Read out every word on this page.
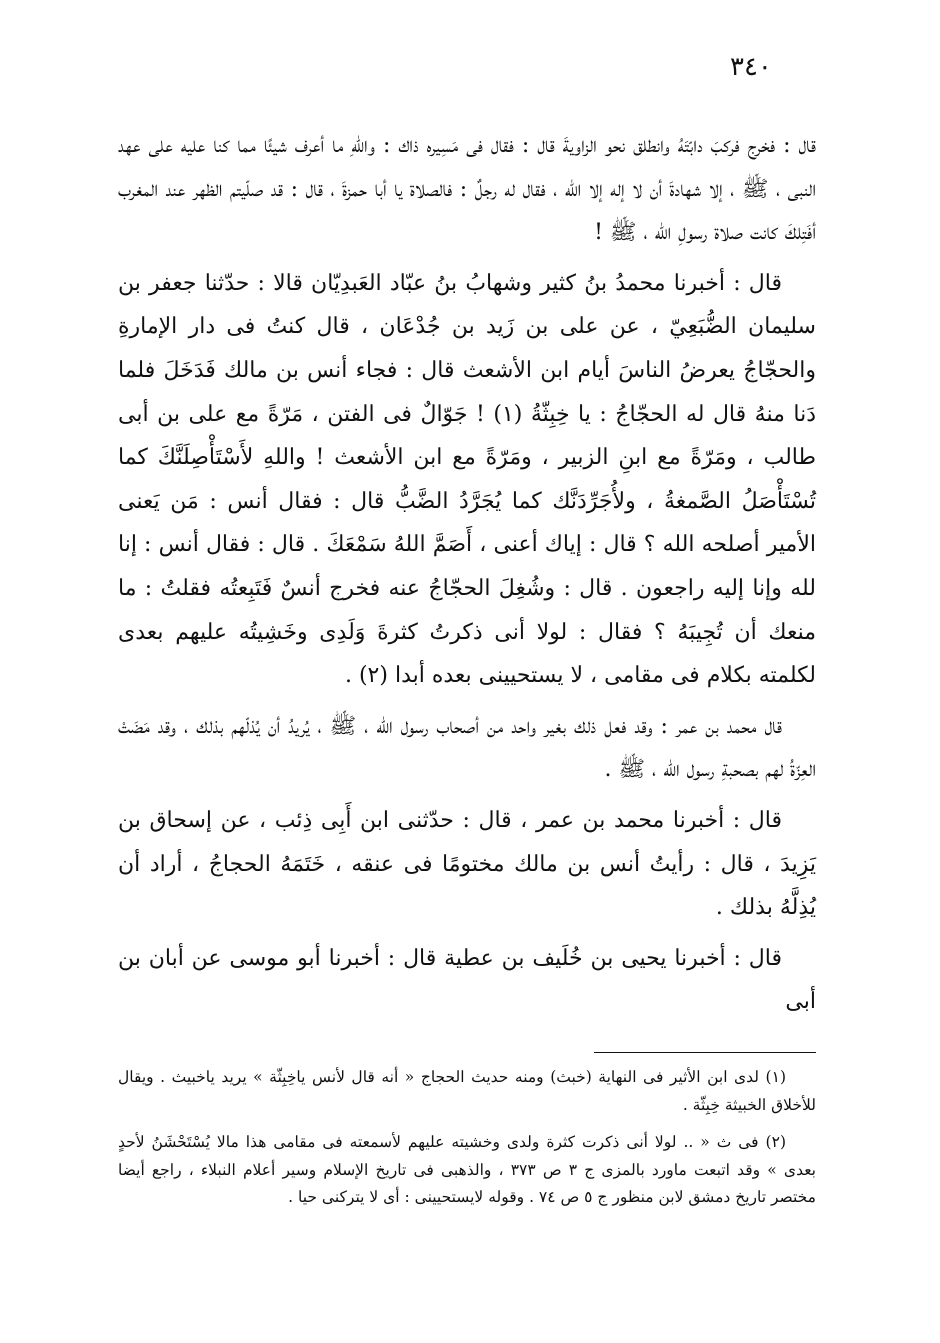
٣٤٠

قال : فخرج فركبَ دابّتَهُ وانطلق نحو الزاويةَ قال : فقال فى مَسِيره ذاك : واللهِ ما أعرف شيئًا مما كنا عليه على عهد النبى ، ﷺ ، إلا شهادةَ أن لا إله إلا الله ، فقال له رجلٌ : فالصلاة يا أبا حمزةَ ، قال : قد صلّيتم الظهر عند المغرب أفَتِلكَ كانت صلاة رسولِ الله ، ﷺ !

قال : أخبرنا محمدُ بنُ كثير وشهابُ بنُ عبّاد العَبدِيّان قالا : حدّثنا جعفر بن سليمان الضُّبَعِيّ ، عن على بن زَيد بن جُدْعَان ، قال كنتُ فى دار الإمارةِ والحجّاجُ يعرضُ الناسَ أيام ابن الأشعث قال : فجاء أنس بن مالك فَدَخَلَ فلما دَنا منهُ قال له الحجّاجُ : يا خِبِثّةُ (١) ! جَوّالٌ فى الفتن ، مَرّةً مع على بن أبى طالب ، ومَرّةً مع ابنِ الزبير ، ومَرّةً مع ابن الأشعث ! واللهِ لأَسْتَأْصِلَنَّكَ كما تُسْتَأْصَلُ الصَّمغةُ ، ولأُجَرِّدَنَّك كما يُجَرَّدُ الضَّبُّ قال : فقال أنس : مَن يَعنى الأمير أصلحه الله ؟ قال : إياك أعنى ، أَصَمَّ اللهُ سَمْعَكَ . قال : فقال أنس : إنا لله وإنا إليه راجعون . قال : وشُغِلَ الحجّاجُ عنه فخرج أنسٌ فَتَبِعتُه فقلتُ : ما منعك أن تُجِيبَهُ ؟ فقال : لولا أنى ذكرتُ كثرةَ وَلَدِى وخَشِيتُه عليهم بعدى لكلمته بكلام فى مقامى ، لا يستحيينى بعده أبدا (٢) .

قال محمد بن عمر : وقد فعل ذلك بغير واحد من أصحاب رسول الله ، ﷺ ، يُريدُ أن يُذلّهم بذلك ، وقد مَضَتْ العِزّةُ لهم بصحبةِ رسول الله ، ﷺ .

قال : أخبرنا محمد بن عمر ، قال : حدّثنى ابن أَبِى ذِئب ، عن إسحاق بن يَزِيدَ ، قال : رأيتُ أنس بن مالك مختومًا فى عنقه ، خَتَمَهُ الحجاجُ ، أراد أن يُذِلَّهُ بذلك .

قال : أخبرنا يحيى بن خُلَيف بن عطية قال : أخبرنا أبو موسى عن أبان بن أبى

(١) لدى ابن الأثير فى النهاية (خبث) ومنه حديث الحجاج « أنه قال لأنس ياخِبِثّة » يريد ياخبيث . ويقال للأخلاق الخبيثة خِبِثّة .

(٢) فى ث « .. لولا أنى ذكرت كثرة ولدى وخشيته عليهم لأسمعته فى مقامى هذا مالا يُسْتَحْشَنُ لأحدٍ بعدى » وقد اتبعت ماورد بالمزى ج ٣ ص ٣٧٣ ، والذهبى فى تاريخ الإسلام وسير أعلام النبلاء ، راجع أيضا مختصر تاريخ دمشق لابن منظور ج ٥ ص ٧٤ . وقوله لايستحيينى : أى لا يتركنى حيا .
